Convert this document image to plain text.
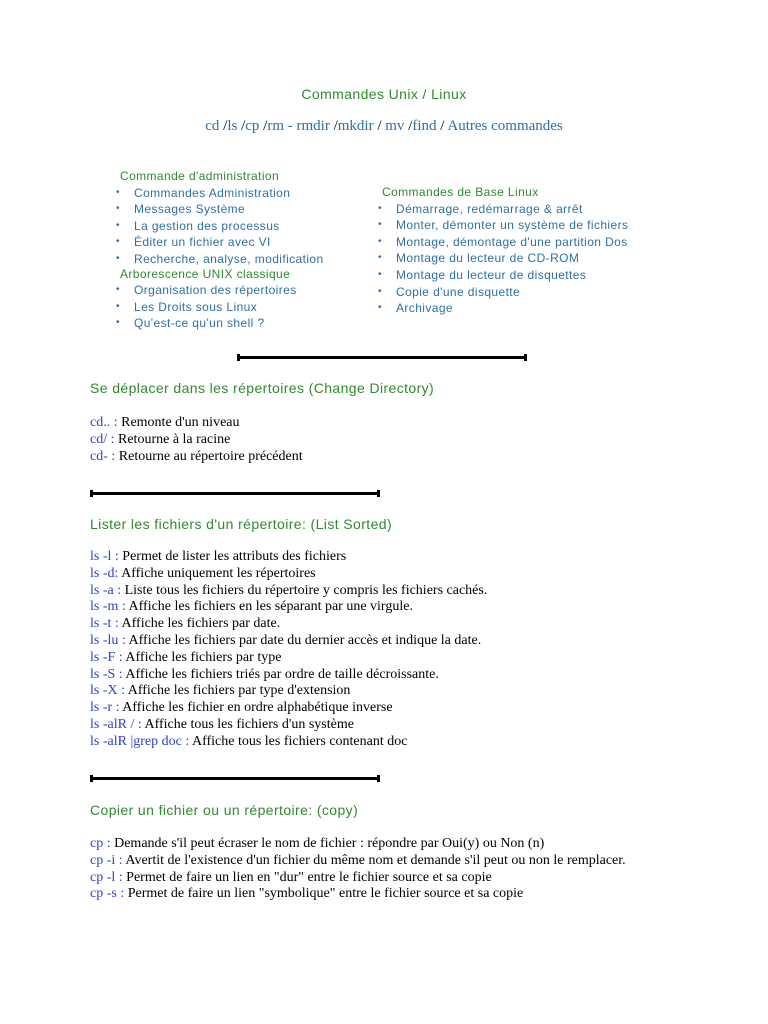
Commandes Unix / Linux
cd /ls /cp /rm - rmdir /mkdir / mv /find / Autres commandes
Commande d'administration
• Commandes Administration
• Messages Système
• La gestion des processus
• Éditer un fichier avec VI
• Recherche, analyse, modification
Arborescence UNIX classique
• Organisation des répertoires
• Les Droits sous Linux
• Qu'est-ce qu'un shell ?
Commandes de Base Linux
• Démarrage, redémarrage & arrêt
• Monter, démonter un système de fichiers
• Montage, démontage d'une partition Dos
• Montage du lecteur de CD-ROM
• Montage du lecteur de disquettes
• Copie d'une disquette
• Archivage
Se déplacer dans les répertoires (Change Directory)
cd.. : Remonte d'un niveau
cd/ : Retourne à la racine
cd- : Retourne au répertoire précédent
Lister les fichiers d'un répertoire: (List Sorted)
ls -l : Permet de lister les attributs des fichiers
ls -d: Affiche uniquement les répertoires
ls -a : Liste tous les fichiers du répertoire y compris les fichiers cachés.
ls -m : Affiche les fichiers en les séparant par une virgule.
ls -t : Affiche les fichiers par date.
ls -lu : Affiche les fichiers par date du dernier accès et indique la date.
ls -F : Affiche les fichiers par type
ls -S : Affiche les fichiers triés par ordre de taille décroissante.
ls -X : Affiche les fichiers par type d'extension
ls -r : Affiche les fichier en ordre alphabétique inverse
ls -alR / : Affiche tous les fichiers d'un système
ls -alR |grep doc : Affiche tous les fichiers contenant doc
Copier un fichier ou un répertoire: (copy)
cp : Demande s'il peut écraser le nom de fichier : répondre par Oui(y) ou Non (n)
cp -i : Avertit de l'existence d'un fichier du même nom et demande s'il peut ou non le remplacer.
cp -l : Permet de faire un lien en "dur" entre le fichier source et sa copie
cp -s : Permet de faire un lien "symbolique" entre le fichier source et sa copie
